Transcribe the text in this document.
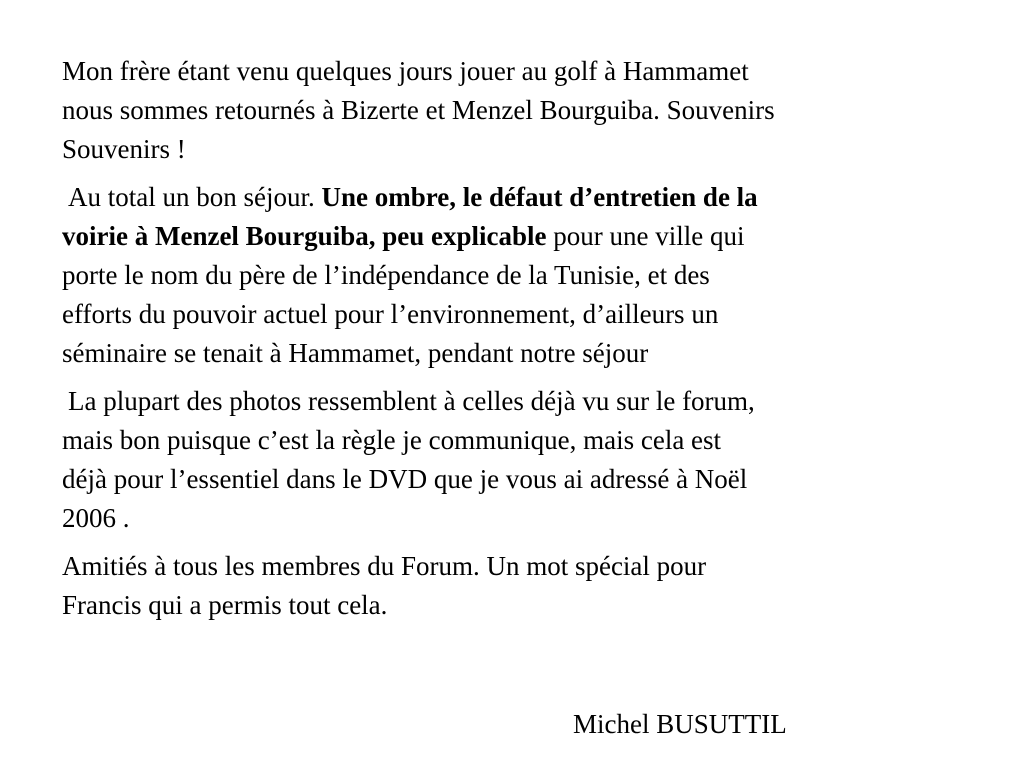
Mon frère étant venu quelques jours jouer au golf à Hammamet
nous sommes retournés à Bizerte et Menzel Bourguiba. Souvenirs
Souvenirs !
Au total un bon séjour. Une ombre, le défaut d’entretien de la
voirie à Menzel Bourguiba, peu explicable pour une ville qui
porte le nom du père de l’indépendance de la Tunisie, et des
efforts du pouvoir actuel pour l’environnement, d’ailleurs un
séminaire se tenait à Hammamet, pendant notre séjour
La plupart des photos ressemblent à celles déjà vu sur le forum,
mais bon puisque c’est la règle je communique, mais cela est
déjà pour l’essentiel dans le DVD que je vous ai adressé à Noël
2006 .
Amitiés à tous les membres du Forum. Un mot spécial pour
Francis qui a permis tout cela.
Michel BUSUTTIL
